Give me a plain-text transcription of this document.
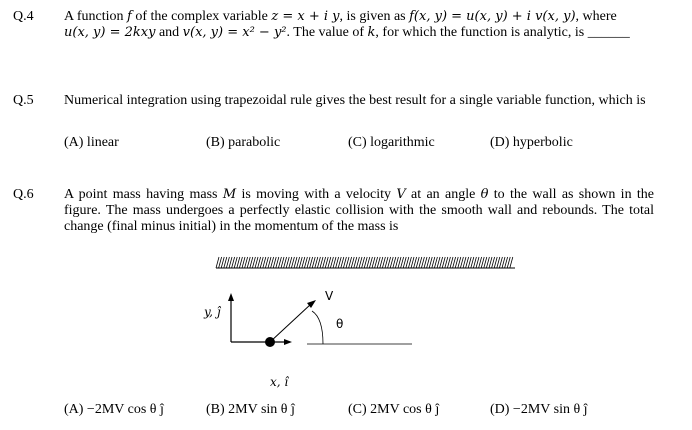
Q.4 A function f of the complex variable z = x + i y, is given as f(x, y) = u(x, y) + i v(x, y), where
u(x, y) = 2kxy and v(x, y) = x² − y². The value of k, for which the function is analytic, is ______
Q.5 Numerical integration using trapezoidal rule gives the best result for a single variable function, which is
(A) linear	(B) parabolic	(C) logarithmic	(D) hyperbolic
Q.6 A point mass having mass M is moving with a velocity V at an angle θ to the wall as shown in the figure. The mass undergoes a perfectly elastic collision with the smooth wall and rebounds. The total change (final minus initial) in the momentum of the mass is
V
θ
y, ĵ
x, î
(A) −2MV cos θ ĵ	(B) 2MV sin θ ĵ	(C) 2MV cos θ ĵ	(D) −2MV sin θ ĵ
